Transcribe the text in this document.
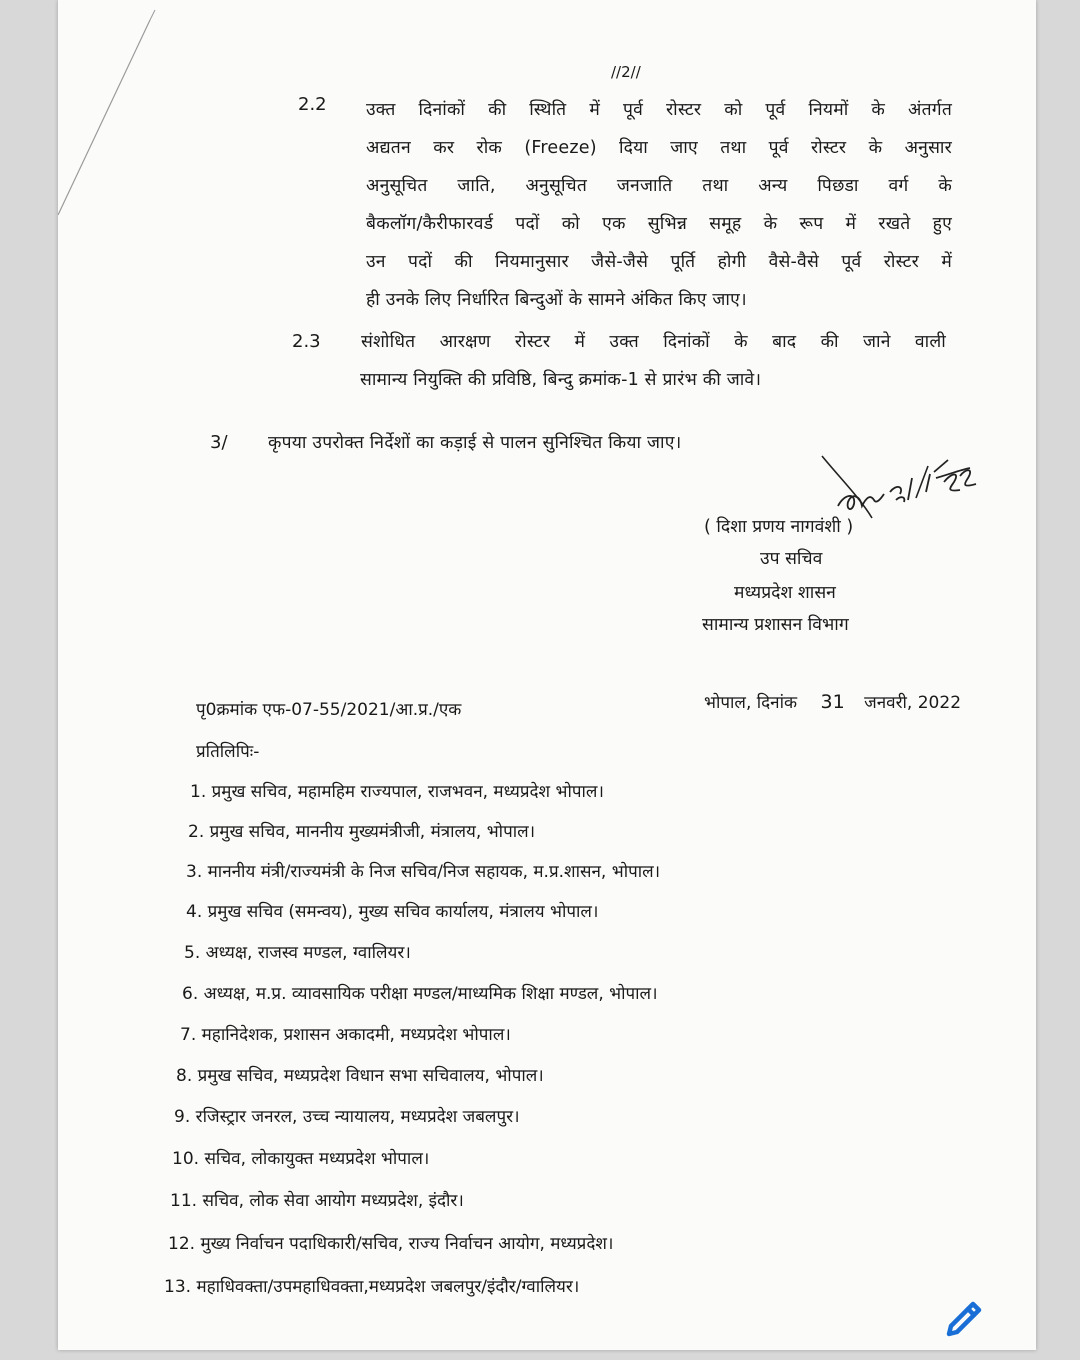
//2//
2.2 उक्त दिनांकों की स्थिति में पूर्व रोस्टर को पूर्व नियमों के अंतर्गत
अद्यतन कर रोक (Freeze) दिया जाए तथा पूर्व रोस्टर के अनुसार
अनुसूचित जाति, अनुसूचित जनजाति तथा अन्य पिछडा वर्ग के
बैकलॉग/कैरीफारवर्ड पदों को एक सुभिन्न समूह के रूप में रखते हुए
उन पदों की नियमानुसार जैसे-जैसे पूर्ति होगी वैसे-वैसे पूर्व रोस्टर में
ही उनके लिए निर्धारित बिन्दुओं के सामने अंकित किए जाए।
2.3 संशोधित आरक्षण रोस्टर में उक्त दिनांकों के बाद की जाने वाली
सामान्य नियुक्ति की प्रविष्ठि, बिन्दु क्रमांक-1 से प्रारंभ की जावे।
3/ कृपया उपरोक्त निर्देशों का कड़ाई से पालन सुनिश्चित किया जाए।
( दिशा प्रणय नागवंशी )
उप सचिव
मध्यप्रदेश शासन
सामान्य प्रशासन विभाग
पृ0क्रमांक एफ-07-55/2021/आ.प्र./एक	भोपाल, दिनांक 31 जनवरी, 2022
प्रतिलिपिः-
1. प्रमुख सचिव, महामहिम राज्यपाल, राजभवन, मध्यप्रदेश भोपाल।
2. प्रमुख सचिव, माननीय मुख्यमंत्रीजी, मंत्रालय, भोपाल।
3. माननीय मंत्री/राज्यमंत्री के निज सचिव/निज सहायक, म.प्र.शासन, भोपाल।
4. प्रमुख सचिव (समन्वय), मुख्य सचिव कार्यालय, मंत्रालय भोपाल।
5. अध्यक्ष, राजस्व मण्डल, ग्वालियर।
6. अध्यक्ष, म.प्र. व्यावसायिक परीक्षा मण्डल/माध्यमिक शिक्षा मण्डल, भोपाल।
7. महानिदेशक, प्रशासन अकादमी, मध्यप्रदेश भोपाल।
8. प्रमुख सचिव, मध्यप्रदेश विधान सभा सचिवालय, भोपाल।
9. रजिस्ट्रार जनरल, उच्च न्यायालय, मध्यप्रदेश जबलपुर।
10. सचिव, लोकायुक्त मध्यप्रदेश भोपाल।
11. सचिव, लोक सेवा आयोग मध्यप्रदेश, इंदौर।
12. मुख्य निर्वाचन पदाधिकारी/सचिव, राज्य निर्वाचन आयोग, मध्यप्रदेश।
13. महाधिवक्ता/उपमहाधिवक्ता,मध्यप्रदेश जबलपुर/इंदौर/ग्वालियर।
